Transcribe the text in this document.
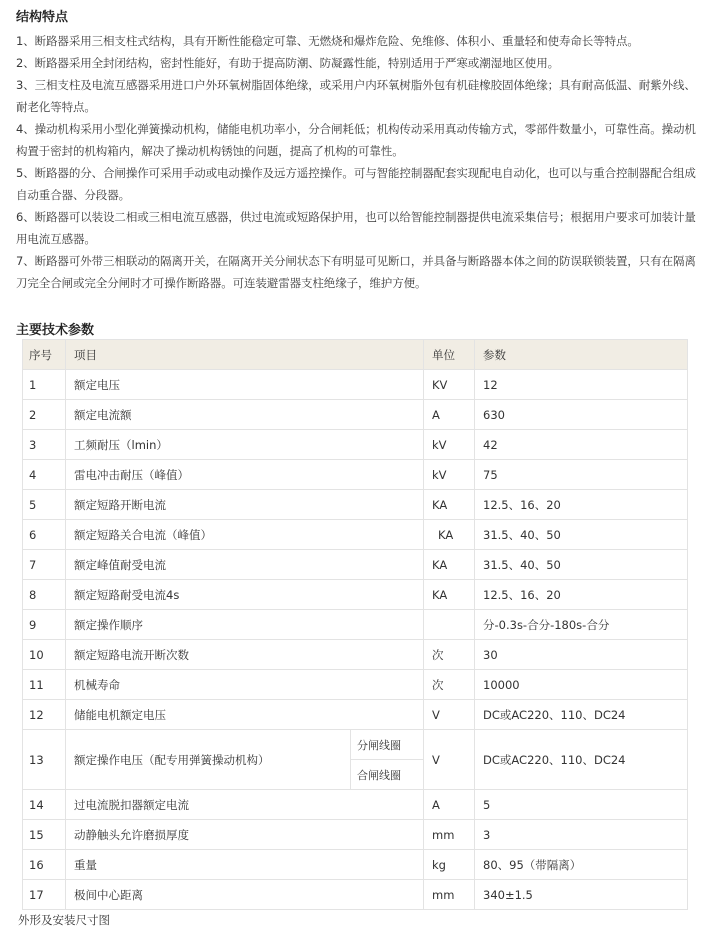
结构特点

1、断路器采用三相支柱式结构，具有开断性能稳定可靠、无燃烧和爆炸危险、免维修、体积小、重量轻和使寿命长等特点。

2、断路器采用全封闭结构，密封性能好，有助于提高防潮、防凝露性能，特别适用于严寒或潮湿地区使用。

3、三相支柱及电流互感器采用进口户外环氧树脂固体绝缘，或采用户内环氧树脂外包有机硅橡胶固体绝缘；具有耐高低温、耐紫外线、耐老化等特点。

4、操动机构采用小型化弹簧操动机构，储能电机功率小，分合闸耗低；机构传动采用真动传输方式，零部件数量小，可靠性高。操动机构置于密封的机构箱内，解决了操动机构锈蚀的问题，提高了机构的可靠性。

5、断路器的分、合闸操作可采用手动或电动操作及远方遥控操作。可与智能控制器配套实现配电自动化，也可以与重合控制器配合组成自动重合器、分段器。

6、断路器可以装设二相或三相电流互感器，供过电流或短路保护用，也可以给智能控制器提供电流采集信号；根据用户要求可加装计量用电流互感器。

7、断路器可外带三相联动的隔离开关，在隔离开关分闸状态下有明显可见断口，并具备与断路器本体之间的防误联锁装置，只有在隔离刀完全合闸或完全分闸时才可操作断路器。可连装避雷器支柱绝缘子，维护方便。

主要技术参数
序号	项目		单位	参数
1	额定电压		KV	12
2	额定电流额		A	630
3	工频耐压（lmin）		kV	42
4	雷电冲击耐压（峰值）		kV	75
5	额定短路开断电流		KA	12.5、16、20
6	额定短路关合电流（峰值）		KA	31.5、40、50
7	额定峰值耐受电流		KA	31.5、40、50
8	额定短路耐受电流4s		KA	12.5、16、20
9	额定操作顺序			分-0.3s-合分-180s-合分
10	额定短路电流开断次数		次	30
11	机械寿命		次	10000
12	储能电机额定电压		V	DC或AC220、110、DC24
13	额定操作电压（配专用弹簧操动机构）	分闸线圈	V	DC或AC220、110、DC24
		合闸线圈		
14	过电流脱扣器额定电流		A	5
15	动静触头允许磨损厚度		mm	3
16	重量		kg	80、95（带隔离）
17	极间中心距离		mm	340±1.5
外形及安装尺寸图
